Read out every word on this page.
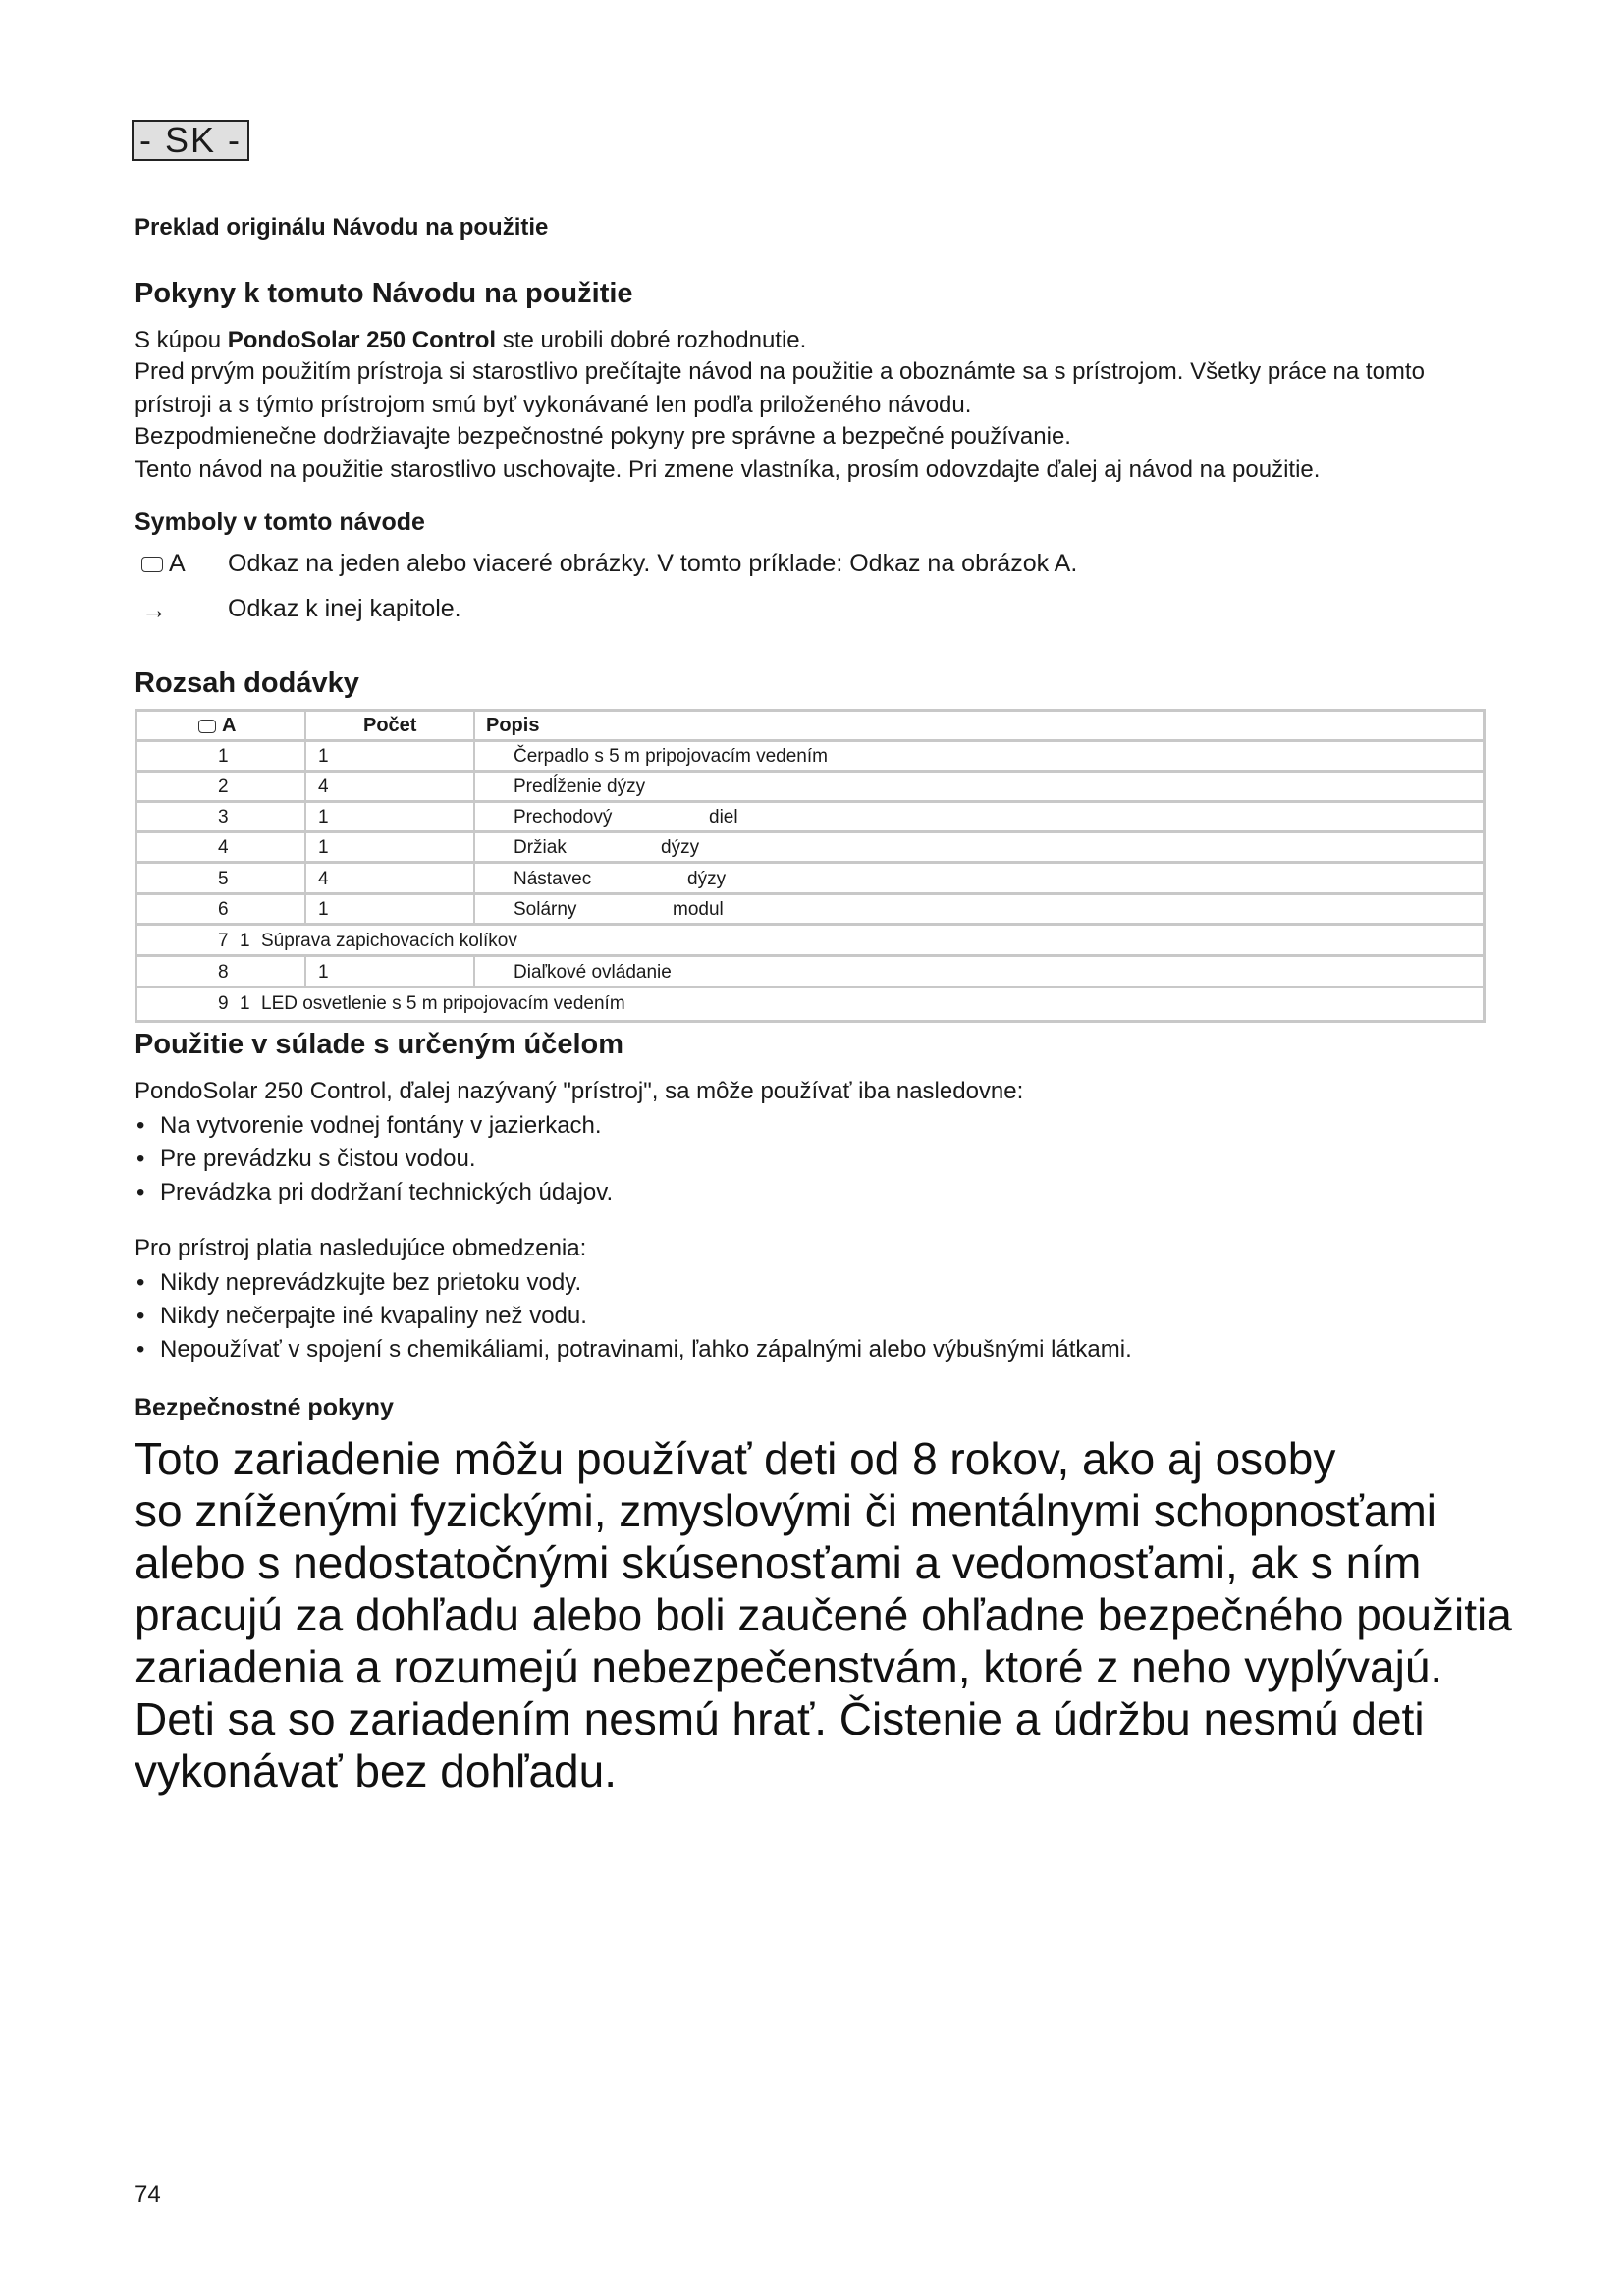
- SK -
Preklad originálu Návodu na použitie
Pokyny k tomuto Návodu na použitie
S kúpou PondoSolar 250 Control ste urobili dobré rozhodnutie.
Pred prvým použitím prístroja si starostlivo prečítajte návod na použitie a oboznámte sa s prístrojom. Všetky práce na tomto prístroji a s týmto prístrojom smú byť vykonávané len podľa priloženého návodu.
Bezpodmienečne dodržiavajte bezpečnostné pokyny pre správne a bezpečné používanie.
Tento návod na použitie starostlivo uschovajte. Pri zmene vlastníka, prosím odovzdajte ďalej aj návod na použitie.
Symboly v tomto návode
A Odkaz na jeden alebo viaceré obrázky. V tomto príklade: Odkaz na obrázok A.
→ Odkaz k inej kapitole.
Rozsah dodávky
A	Počet	Popis
1	1	Čerpadlo s 5 m pripojovacím vedením
2	4	Predĺženie dýzy
3	1	Prechodový	diel
4	1	Držiak	dýzy
5	4	Nástavec	dýzy
6	1	Solárny	modul
7 1 Súprava zapichovacích kolíkov
8	1	Diaľkové ovládanie
9 1 LED osvetlenie s 5 m pripojovacím vedením
Použitie v súlade s určeným účelom
PondoSolar 250 Control, ďalej nazývaný "prístroj", sa môže používať iba nasledovne:
• Na vytvorenie vodnej fontány v jazierkach.
• Pre prevádzku s čistou vodou.
• Prevádzka pri dodržaní technických údajov.
Pro prístroj platia nasledujúce obmedzenia:
• Nikdy neprevádzkujte bez prietoku vody.
• Nikdy nečerpajte iné kvapaliny než vodu.
• Nepoužívať v spojení s chemikáliami, potravinami, ľahko zápalnými alebo výbušnými látkami.
Bezpečnostné pokyny
Toto zariadenie môžu používať deti od 8 rokov, ako aj osoby
so zníženými fyzickými, zmyslovými či mentálnymi schopnosťami
alebo s nedostatočnými skúsenosťami a vedomosťami, ak s ním
pracujú za dohľadu alebo boli zaučené ohľadne bezpečného použitia
zariadenia a rozumejú nebezpečenstvám, ktoré z neho vyplývajú.
Deti sa so zariadením nesmú hrať. Čistenie a údržbu nesmú deti
vykonávať bez dohľadu.
74
